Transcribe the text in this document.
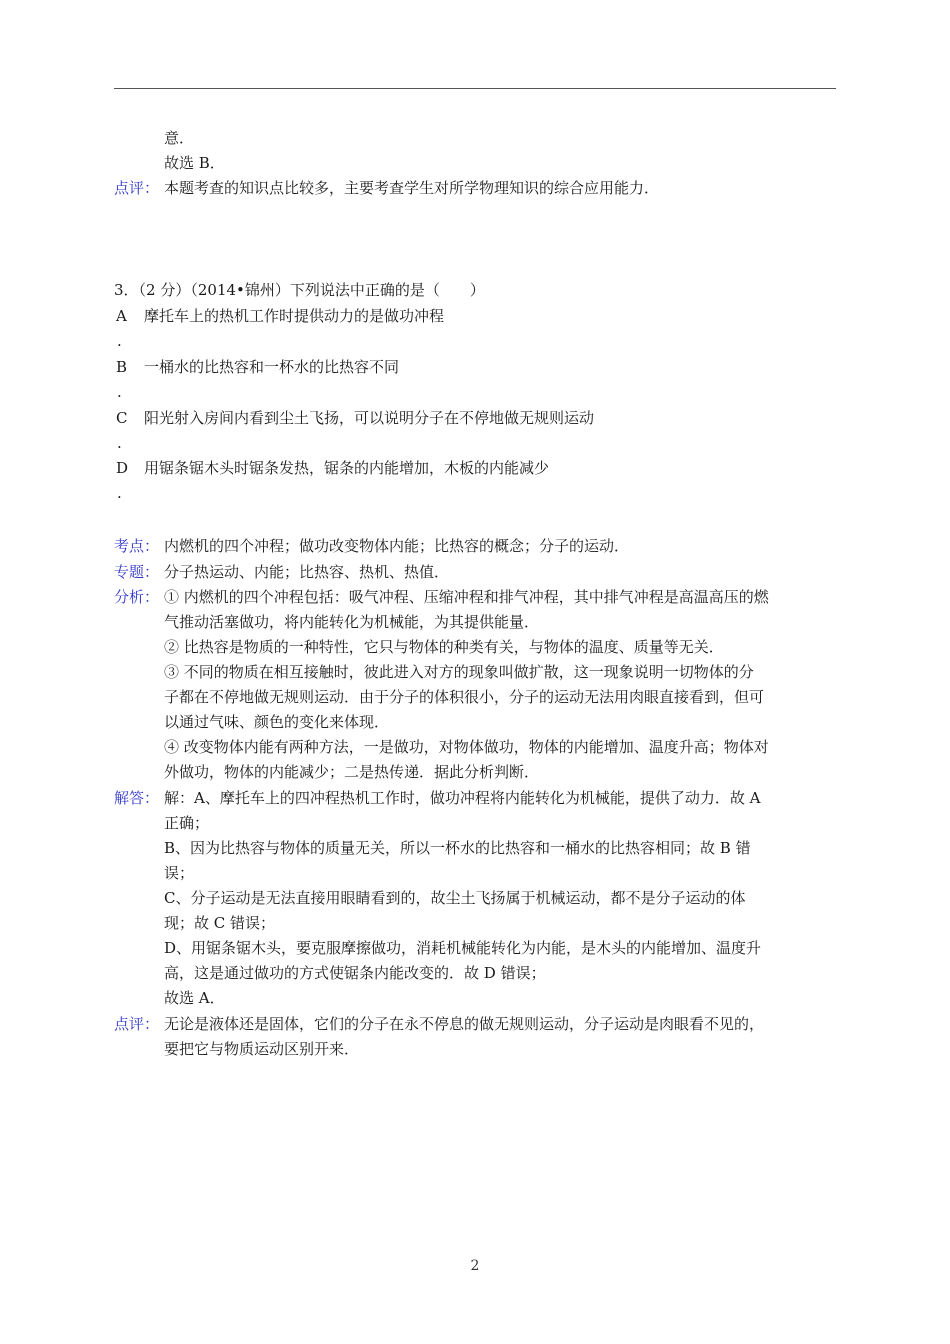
意．
故选 B．
点评： 本题考查的知识点比较多，主要考查学生对所学物理知识的综合应用能力．
3．（2 分）（2014•锦州）下列说法中正确的是（　　）
A 摩托车上的热机工作时提供动力的是做功冲程
.
B 一桶水的比热容和一杯水的比热容不同
.
C 阳光射入房间内看到尘土飞扬，可以说明分子在不停地做无规则运动
.
D 用锯条锯木头时锯条发热，锯条的内能增加，木板的内能减少
.
考点： 内燃机的四个冲程；做功改变物体内能；比热容的概念；分子的运动．
专题： 分子热运动、内能；比热容、热机、热值．
分析： ① 内燃机的四个冲程包括：吸气冲程、压缩冲程和排气冲程，其中排气冲程是高温高压的燃
气推动活塞做功，将内能转化为机械能，为其提供能量．
② 比热容是物质的一种特性，它只与物体的种类有关，与物体的温度、质量等无关．
③ 不同的物质在相互接触时，彼此进入对方的现象叫做扩散，这一现象说明一切物体的分
子都在不停地做无规则运动．由于分子的体积很小，分子的运动无法用肉眼直接看到，但可
以通过气味、颜色的变化来体现．
④ 改变物体内能有两种方法，一是做功，对物体做功，物体的内能增加、温度升高；物体对
外做功，物体的内能减少；二是热传递．据此分析判断．
解答： 解：A、摩托车上的四冲程热机工作时，做功冲程将内能转化为机械能，提供了动力．故 A
正确；
B、因为比热容与物体的质量无关，所以一杯水的比热容和一桶水的比热容相同；故 B 错
误；
C、分子运动是无法直接用眼睛看到的，故尘土飞扬属于机械运动，都不是分子运动的体
现；故 C 错误；
D、用锯条锯木头，要克服摩擦做功，消耗机械能转化为内能，是木头的内能增加、温度升
高，这是通过做功的方式使锯条内能改变的．故 D 错误；
故选 A．
点评： 无论是液体还是固体，它们的分子在永不停息的做无规则运动，分子运动是肉眼看不见的，
要把它与物质运动区别开来．
2
